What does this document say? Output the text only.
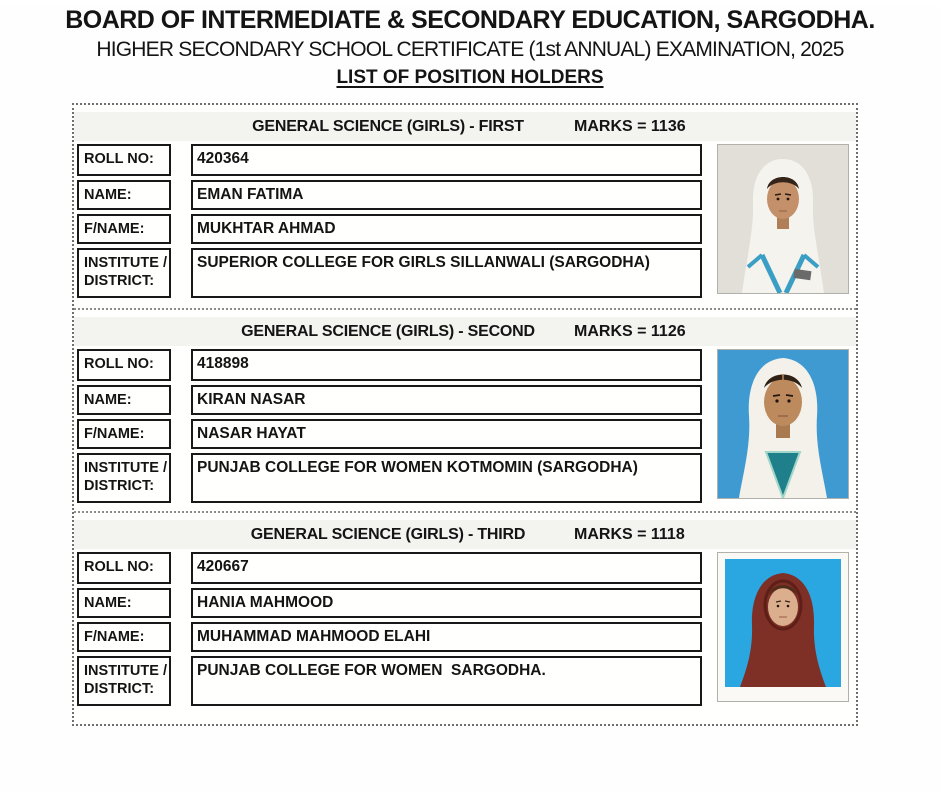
BOARD OF INTERMEDIATE & SECONDARY EDUCATION, SARGODHA.
HIGHER SECONDARY SCHOOL CERTIFICATE (1st ANNUAL) EXAMINATION, 2025
LIST OF POSITION HOLDERS
GENERAL SCIENCE (GIRLS) - FIRST	MARKS = 1136
ROLL NO:	420364
NAME:	EMAN FATIMA
F/NAME:	MUKHTAR AHMAD
INSTITUTE / DISTRICT:
SUPERIOR COLLEGE FOR GIRLS SILLANWALI (SARGODHA)
GENERAL SCIENCE (GIRLS) - SECOND	MARKS = 1126
ROLL NO:	418898
NAME:	KIRAN NASAR
F/NAME:	NASAR HAYAT
INSTITUTE / DISTRICT:
PUNJAB COLLEGE FOR WOMEN KOTMOMIN (SARGODHA)
GENERAL SCIENCE (GIRLS) - THIRD	MARKS = 1118
ROLL NO:	420667
NAME:	HANIA MAHMOOD
F/NAME:	MUHAMMAD MAHMOOD ELAHI
INSTITUTE / DISTRICT:
PUNJAB COLLEGE FOR WOMEN  SARGODHA.
